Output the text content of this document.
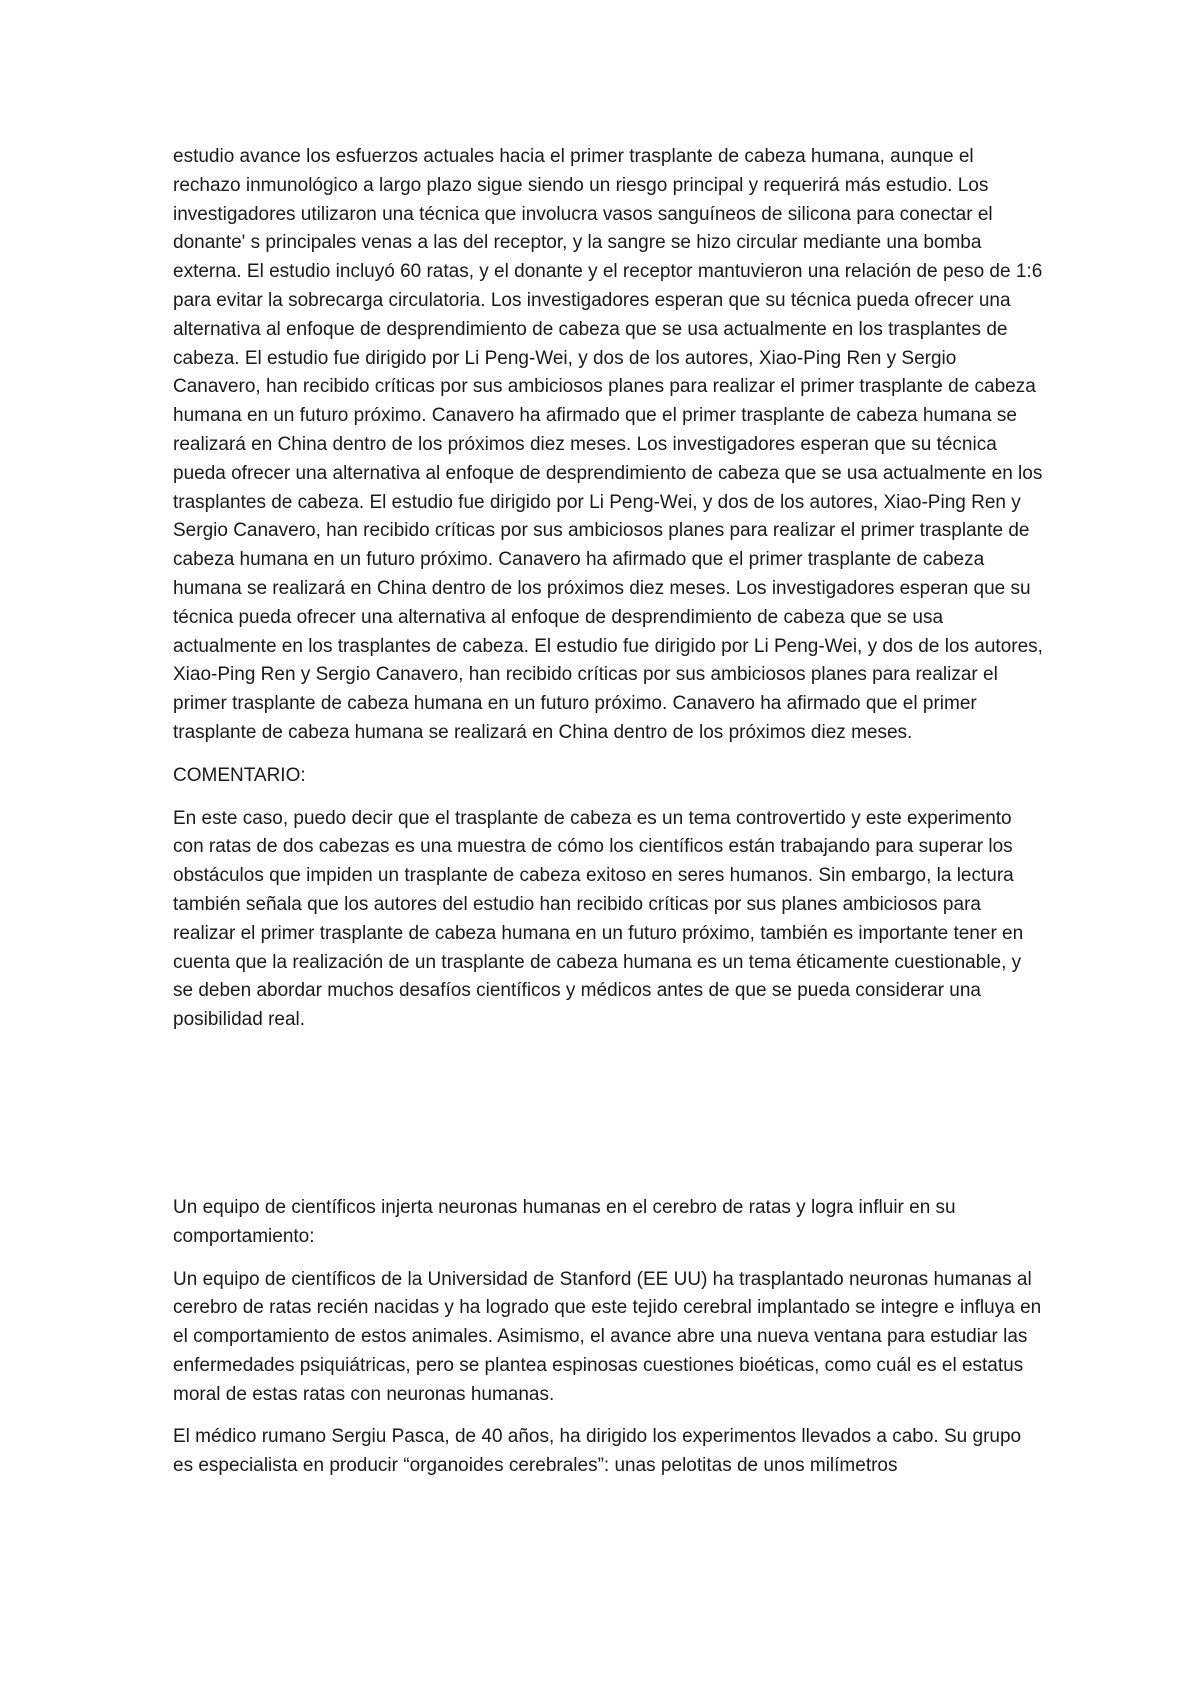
estudio avance los esfuerzos actuales hacia el primer trasplante de cabeza humana, aunque el rechazo inmunológico a largo plazo sigue siendo un riesgo principal y requerirá más estudio. Los investigadores utilizaron una técnica que involucra vasos sanguíneos de silicona para conectar el donante' s principales venas a las del receptor, y la sangre se hizo circular mediante una bomba externa. El estudio incluyó 60 ratas, y el donante y el receptor mantuvieron una relación de peso de 1:6 para evitar la sobrecarga circulatoria. Los investigadores esperan que su técnica pueda ofrecer una alternativa al enfoque de desprendimiento de cabeza que se usa actualmente en los trasplantes de cabeza. El estudio fue dirigido por Li Peng-Wei, y dos de los autores, Xiao-Ping Ren y Sergio Canavero, han recibido críticas por sus ambiciosos planes para realizar el primer trasplante de cabeza humana en un futuro próximo. Canavero ha afirmado que el primer trasplante de cabeza humana se realizará en China dentro de los próximos diez meses. Los investigadores esperan que su técnica pueda ofrecer una alternativa al enfoque de desprendimiento de cabeza que se usa actualmente en los trasplantes de cabeza. El estudio fue dirigido por Li Peng-Wei, y dos de los autores, Xiao-Ping Ren y Sergio Canavero, han recibido críticas por sus ambiciosos planes para realizar el primer trasplante de cabeza humana en un futuro próximo. Canavero ha afirmado que el primer trasplante de cabeza humana se realizará en China dentro de los próximos diez meses. Los investigadores esperan que su técnica pueda ofrecer una alternativa al enfoque de desprendimiento de cabeza que se usa actualmente en los trasplantes de cabeza. El estudio fue dirigido por Li Peng-Wei, y dos de los autores, Xiao-Ping Ren y Sergio Canavero, han recibido críticas por sus ambiciosos planes para realizar el primer trasplante de cabeza humana en un futuro próximo. Canavero ha afirmado que el primer trasplante de cabeza humana se realizará en China dentro de los próximos diez meses.

COMENTARIO:

En este caso, puedo decir que el trasplante de cabeza es un tema controvertido y este experimento con ratas de dos cabezas es una muestra de cómo los científicos están trabajando para superar los obstáculos que impiden un trasplante de cabeza exitoso en seres humanos. Sin embargo, la lectura también señala que los autores del estudio han recibido críticas por sus planes ambiciosos para realizar el primer trasplante de cabeza humana en un futuro próximo, también es importante tener en cuenta que la realización de un trasplante de cabeza humana es un tema éticamente cuestionable, y se deben abordar muchos desafíos científicos y médicos antes de que se pueda considerar una posibilidad real.

Un equipo de científicos injerta neuronas humanas en el cerebro de ratas y logra influir en su comportamiento:

Un equipo de científicos de la Universidad de Stanford (EE UU) ha trasplantado neuronas humanas al cerebro de ratas recién nacidas y ha logrado que este tejido cerebral implantado se integre e influya en el comportamiento de estos animales. Asimismo, el avance abre una nueva ventana para estudiar las enfermedades psiquiátricas, pero se plantea espinosas cuestiones bioéticas, como cuál es el estatus moral de estas ratas con neuronas humanas.

El médico rumano Sergiu Pasca, de 40 años, ha dirigido los experimentos llevados a cabo. Su grupo es especialista en producir “organoides cerebrales”: unas pelotitas de unos milímetros
